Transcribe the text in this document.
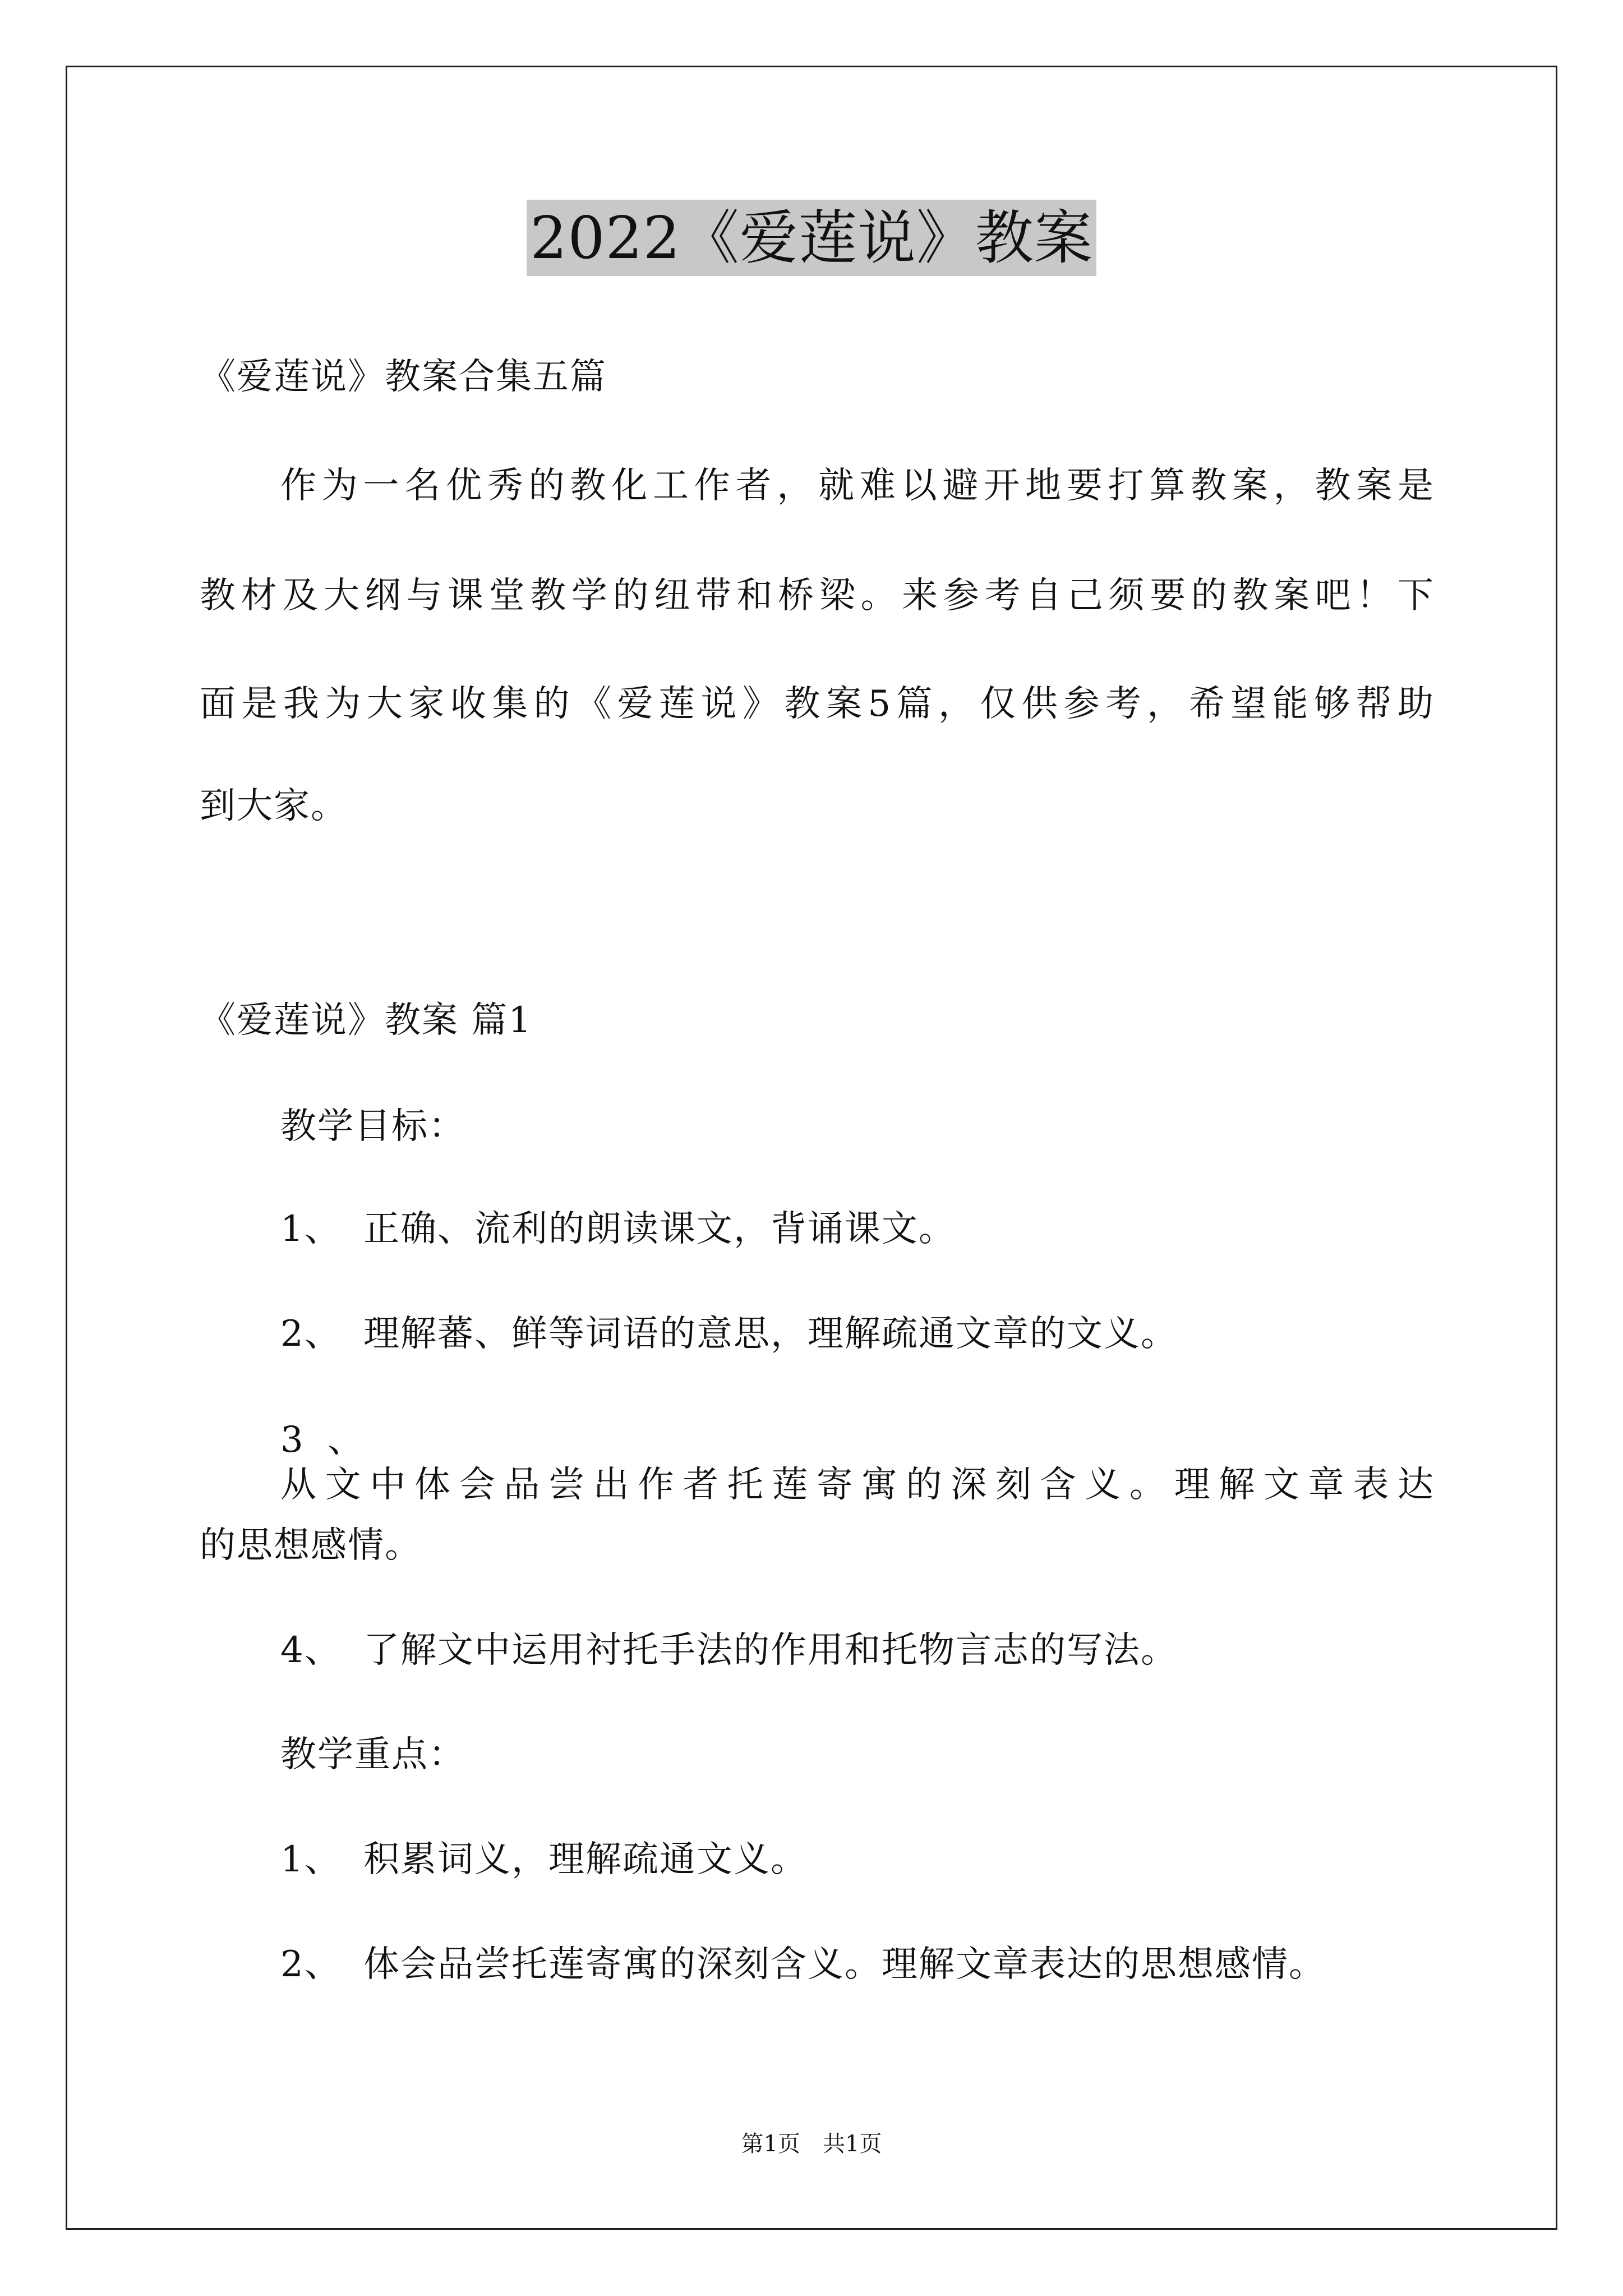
2022《爱莲说》教案
《爱莲说》教案合集五篇
作为一名优秀的教化工作者，就难以避开地要打算教案，教案是
教材及大纲与课堂教学的纽带和桥梁。来参考自己须要的教案吧！下
面是我为大家收集的《爱莲说》教案5篇，仅供参考，希望能够帮助
到大家。
《爱莲说》教案 篇1
教学目标：
1、 正确、流利的朗读课文，背诵课文。
2、 理解蕃、鲜等词语的意思，理解疏通文章的文义。
3、
从文中体会品尝出作者托莲寄寓的深刻含义。理解文章表达
的思想感情。
4、 了解文中运用衬托手法的作用和托物言志的写法。
教学重点：
1、 积累词义，理解疏通文义。
2、 体会品尝托莲寄寓的深刻含义。理解文章表达的思想感情。
第1页　共1页
